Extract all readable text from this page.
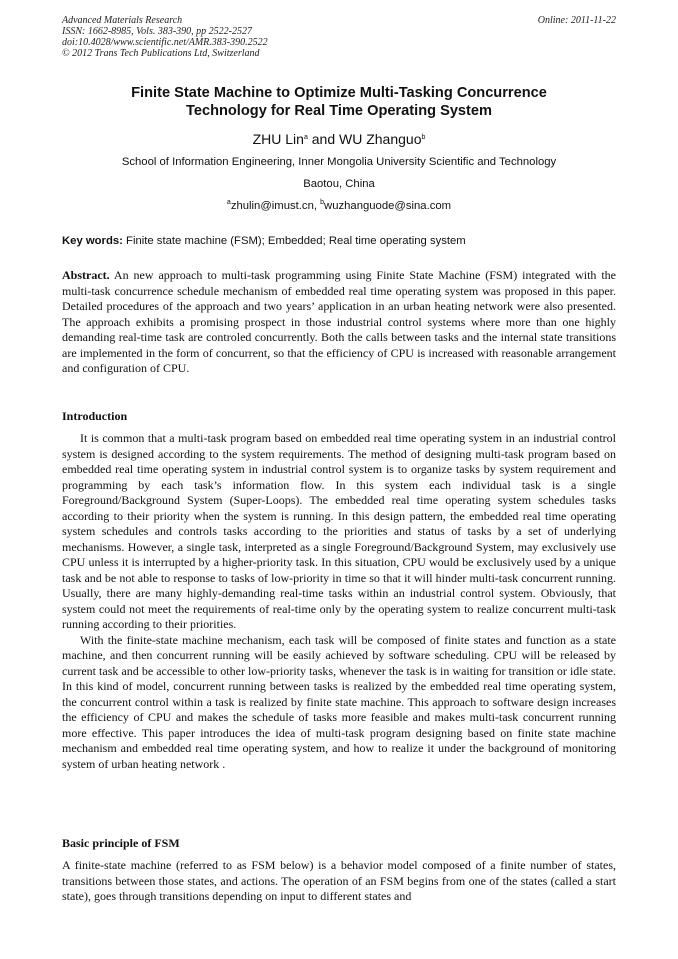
Advanced Materials Research
ISSN: 1662-8985, Vols. 383-390, pp 2522-2527
doi:10.4028/www.scientific.net/AMR.383-390.2522
© 2012 Trans Tech Publications Ltd, Switzerland
Online: 2011-11-22
Finite State Machine to Optimize Multi-Tasking Concurrence
Technology for Real Time Operating System
ZHU Lin$^a$ and WU Zhanguo$^b$
School of Information Engineering, Inner Mongolia University Scientific and Technology
Baotou, China
$^a$zhulin@imust.cn, $^b$wuzhanguode@sina.com
Key words: Finite state machine (FSM); Embedded; Real time operating system

Abstract. An new approach to multi-task programming using Finite State Machine (FSM) integrated with the multi-task concurrence schedule mechanism of embedded real time operating system was proposed in this paper. Detailed procedures of the approach and two years’ application in an urban heating network were also presented. The approach exhibits a promising prospect in those industrial control systems where more than one highly demanding real-time task are controled concurrently. Both the calls between tasks and the internal state transitions are implemented in the form of concurrent, so that the efficiency of CPU is increased with reasonable arrangement and configuration of CPU.

Introduction

It is common that a multi-task program based on embedded real time operating system in an industrial control system is designed according to the system requirements. The method of designing multi-task program based on embedded real time operating system in industrial control system is to organize tasks by system requirement and programming by each task’s information flow. In this system each individual task is a single Foreground/Background System (Super-Loops). The embedded real time operating system schedules tasks according to their priority when the system is running. In this design pattern, the embedded real time operating system schedules and controls tasks according to the priorities and status of tasks by a set of underlying mechanisms. However, a single task, interpreted as a single Foreground/Background System, may exclusively use CPU unless it is interrupted by a higher-priority task. In this situation, CPU would be exclusively used by a unique task and be not able to response to tasks of low-priority in time so that it will hinder multi-task concurrent running. Usually, there are many highly-demanding real-time tasks within an industrial control system. Obviously, that system could not meet the requirements of real-time only by the operating system to realize concurrent multi-task running according to their priorities.

With the finite-state machine mechanism, each task will be composed of finite states and function as a state machine, and then concurrent running will be easily achieved by software scheduling. CPU will be released by current task and be accessible to other low-priority tasks, whenever the task is in waiting for transition or idle state. In this kind of model, concurrent running between tasks is realized by the embedded real time operating system, the concurrent control within a task is realized by finite state machine. This approach to software design increases the efficiency of CPU and makes the schedule of tasks more feasible and makes multi-task concurrent running more effective. This paper introduces the idea of multi-task program designing based on finite state machine mechanism and embedded real time operating system, and how to realize it under the background of monitoring system of urban heating network .

Basic principle of FSM

A finite-state machine (referred to as FSM below) is a behavior model composed of a finite number of states, transitions between those states, and actions. The operation of an FSM begins from one of the states (called a start state), goes through transitions depending on input to different states and
